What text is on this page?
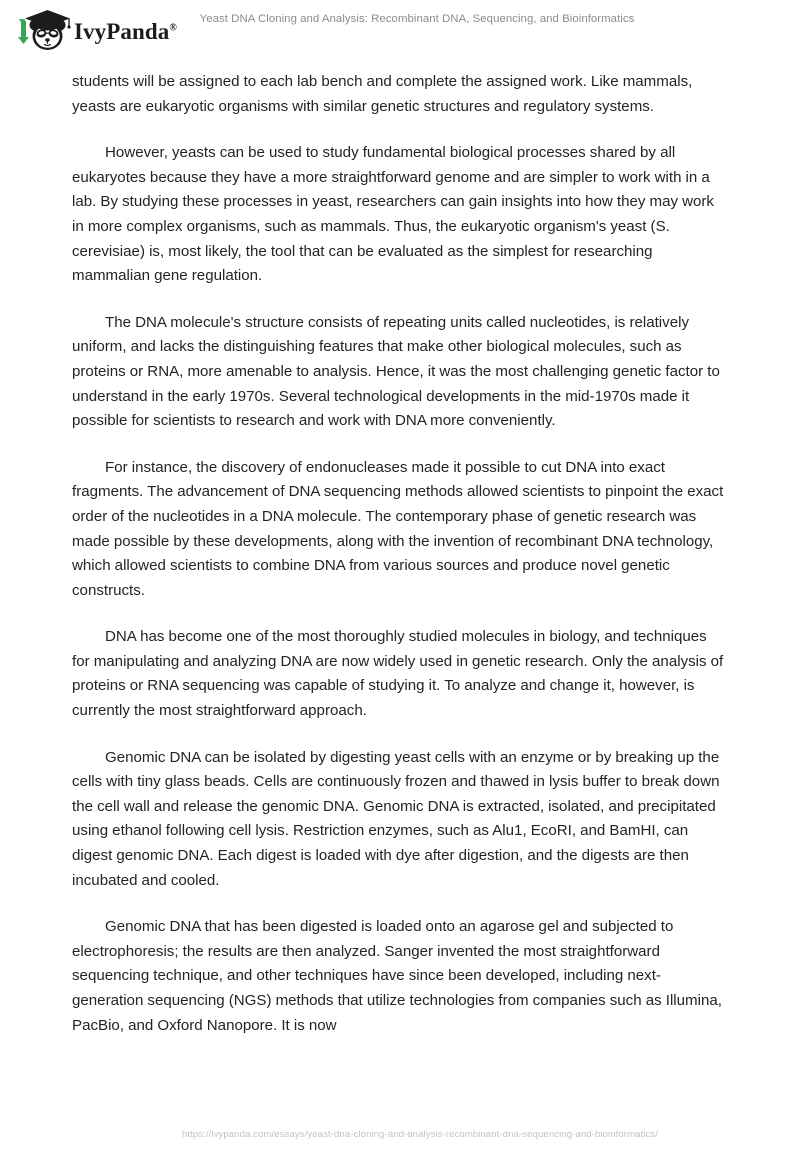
IvyPanda®
Yeast DNA Cloning and Analysis: Recombinant DNA, Sequencing, and Bioinformatics

students will be assigned to each lab bench and complete the assigned work. Like mammals, yeasts are eukaryotic organisms with similar genetic structures and regulatory systems.

However, yeasts can be used to study fundamental biological processes shared by all eukaryotes because they have a more straightforward genome and are simpler to work with in a lab. By studying these processes in yeast, researchers can gain insights into how they may work in more complex organisms, such as mammals. Thus, the eukaryotic organism's yeast (S. cerevisiae) is, most likely, the tool that can be evaluated as the simplest for researching mammalian gene regulation.

The DNA molecule's structure consists of repeating units called nucleotides, is relatively uniform, and lacks the distinguishing features that make other biological molecules, such as proteins or RNA, more amenable to analysis. Hence, it was the most challenging genetic factor to understand in the early 1970s. Several technological developments in the mid-1970s made it possible for scientists to research and work with DNA more conveniently.

For instance, the discovery of endonucleases made it possible to cut DNA into exact fragments. The advancement of DNA sequencing methods allowed scientists to pinpoint the exact order of the nucleotides in a DNA molecule. The contemporary phase of genetic research was made possible by these developments, along with the invention of recombinant DNA technology, which allowed scientists to combine DNA from various sources and produce novel genetic constructs.

DNA has become one of the most thoroughly studied molecules in biology, and techniques for manipulating and analyzing DNA are now widely used in genetic research. Only the analysis of proteins or RNA sequencing was capable of studying it. To analyze and change it, however, is currently the most straightforward approach.

Genomic DNA can be isolated by digesting yeast cells with an enzyme or by breaking up the cells with tiny glass beads. Cells are continuously frozen and thawed in lysis buffer to break down the cell wall and release the genomic DNA. Genomic DNA is extracted, isolated, and precipitated using ethanol following cell lysis. Restriction enzymes, such as Alu1, EcoRI, and BamHI, can digest genomic DNA. Each digest is loaded with dye after digestion, and the digests are then incubated and cooled.

Genomic DNA that has been digested is loaded onto an agarose gel and subjected to electrophoresis; the results are then analyzed. Sanger invented the most straightforward sequencing technique, and other techniques have since been developed, including next-generation sequencing (NGS) methods that utilize technologies from companies such as Illumina, PacBio, and Oxford Nanopore. It is now

https://ivypanda.com/essays/yeast-dna-cloning-and-analysis-recombinant-dna-sequencing-and-bioinformatics/
